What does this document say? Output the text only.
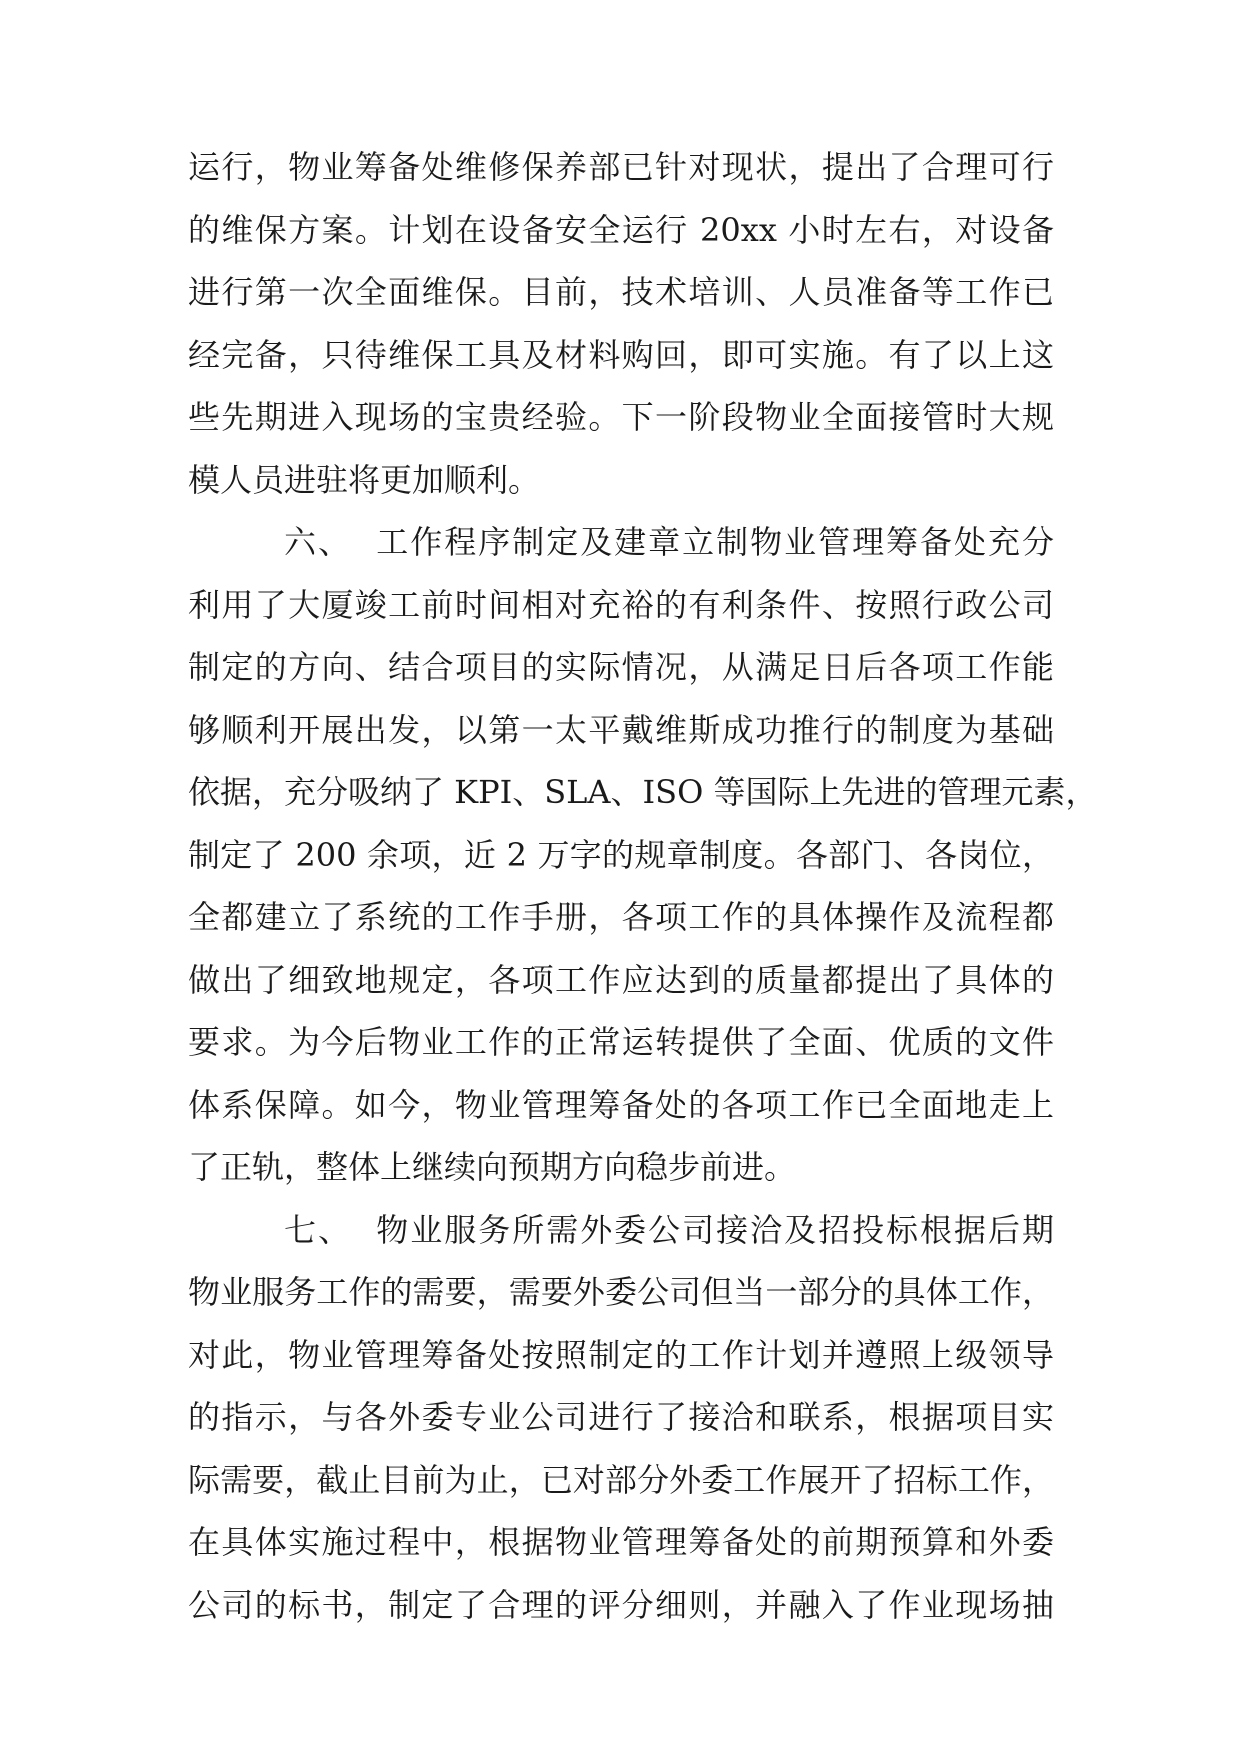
运行，物业筹备处维修保养部已针对现状，提出了合理可行
的维保方案。计划在设备安全运行 20xx 小时左右，对设备
进行第一次全面维保。目前，技术培训、人员准备等工作已
经完备，只待维保工具及材料购回，即可实施。有了以上这
些先期进入现场的宝贵经验。下一阶段物业全面接管时大规
模人员进驻将更加顺利。
六、  工作程序制定及建章立制物业管理筹备处充分
利用了大厦竣工前时间相对充裕的有利条件、按照行政公司
制定的方向、结合项目的实际情况，从满足日后各项工作能
够顺利开展出发，以第一太平戴维斯成功推行的制度为基础
依据，充分吸纳了 KPI、SLA、ISO 等国际上先进的管理元素，
制定了 200 余项，近 2 万字的规章制度。各部门、各岗位，
全都建立了系统的工作手册，各项工作的具体操作及流程都
做出了细致地规定，各项工作应达到的质量都提出了具体的
要求。为今后物业工作的正常运转提供了全面、优质的文件
体系保障。如今，物业管理筹备处的各项工作已全面地走上
了正轨，整体上继续向预期方向稳步前进。
七、  物业服务所需外委公司接洽及招投标根据后期
物业服务工作的需要，需要外委公司但当一部分的具体工作，
对此，物业管理筹备处按照制定的工作计划并遵照上级领导
的指示，与各外委专业公司进行了接洽和联系，根据项目实
际需要，截止目前为止，已对部分外委工作展开了招标工作，
在具体实施过程中，根据物业管理筹备处的前期预算和外委
公司的标书，制定了合理的评分细则，并融入了作业现场抽
